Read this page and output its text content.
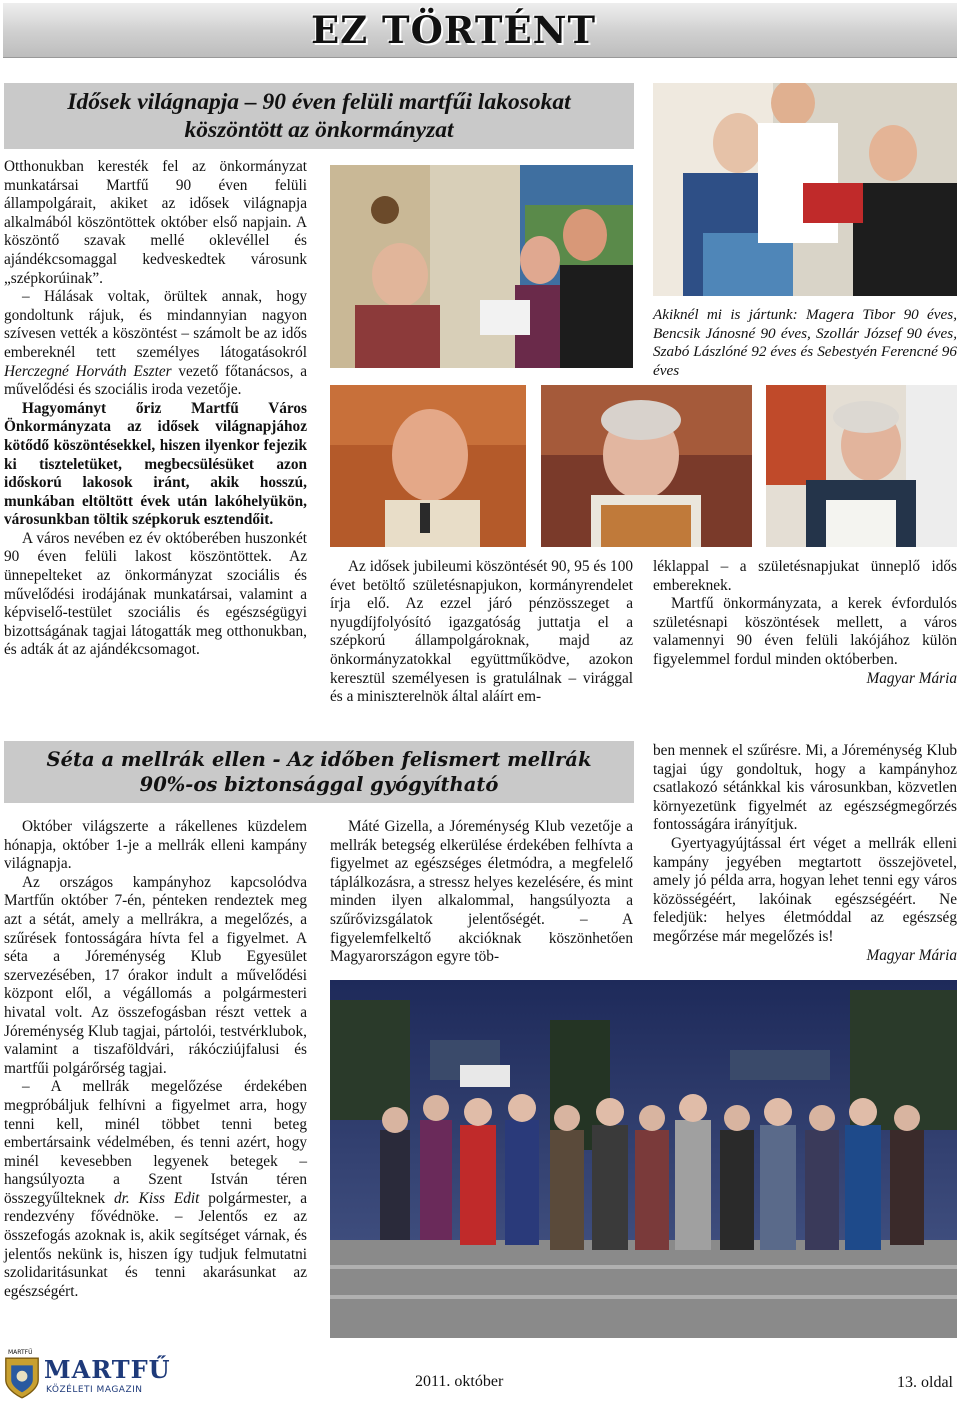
EZ TÖRTÉNT
Idősek világnapja – 90 éven felüli martfűi lakosokat
köszöntött az önkormányzat

Otthonukban keresték fel az önkormányzat munkatársai Martfű 90 éven felüli állampolgárait, akiket az idősek világnapja alkalmából köszöntöttek október első napjain. A köszöntő szavak mellé oklevéllel és ajándékcsomaggal kedveskedtek városunk „szépkorúinak”.

– Hálásak voltak, örültek annak, hogy gondoltunk rájuk, és mindannyian nagyon szívesen vették a köszöntést – számolt be az idős embereknél tett személyes látogatásokról Herczegné Horváth Eszter vezető főtanácsos, a művelődési és szociális iroda vezetője.

Hagyományt őriz Martfű Város Önkormányzata az idősek világnapjához kötődő köszöntésekkel, hiszen ilyenkor fejezik ki tiszteletüket, megbecsülésüket azon időskorú lakosok iránt, akik hosszú, munkában eltöltött évek után lakóhelyükön, városunkban töltik szépkoruk esztendőit.

A város nevében ez év októberében huszonkét 90 éven felüli lakost köszöntöttek. Az ünnepelteket az önkormányzat szociális és művelődési irodájának munkatársai, valamint a képviselő-testület szociális és egészségügyi bizottságának tagjai látogatták meg otthonukban, és adták át az ajándékcsomagot.

Akiknél mi is jártunk: Magera Tibor 90 éves, Bencsik Jánosné 90 éves, Szollár József 90 éves, Szabó Lászlóné 92 éves és Sebestyén Ferencné 96 éves

Az idősek jubileumi köszöntését 90, 95 és 100 évet betöltő születésnapjukon, kormányrendelet írja elő. Az ezzel járó pénzösszeget a nyugdíjfolyósító igazgatóság juttatja el a szépkorú állampolgároknak, majd az önkormányzatokkal együttműködve, azokon keresztül személyesen is gratulálnak – virággal és a miniszterelnök által aláírt em-

léklappal – a születésnapjukat ünneplő idős embereknek.

Martfű önkormányzata, a kerek évfordulós születésnapi köszöntések mellett, a város valamennyi 90 éven felüli lakójához külön figyelemmel fordul minden októberben.

Magyar Mária

Séta a mellrák ellen - Az időben felismert mellrák
90%-os biztonsággal gyógyítható

Október világszerte a rákellenes küzdelem hónapja, október 1-je a mellrák elleni kampány világnapja.

Az országos kampányhoz kapcsolódva Martfűn október 7-én, pénteken rendeztek meg azt a sétát, amely a mellrákra, a megelőzés, a szűrések fontosságára hívta fel a figyelmet. A séta a Jóreménység Klub Egyesület szervezésében, 17 órakor indult a művelődési központ elől, a végállomás a polgármesteri hivatal volt. Az összefogásban részt vettek a Jóreménység Klub tagjai, pártolói, testvérklubok, valamint a tiszaföldvári, rákócziújfalusi és martfűi polgárőrség tagjai.

– A mellrák megelőzése érdekében megpróbáljuk felhívni a figyelmet arra, hogy tenni kell, minél többet tenni beteg embertársaink védelmében, és tenni azért, hogy minél kevesebben legyenek betegek – hangsúlyozta a Szent István téren összegyűlteknek dr. Kiss Edit polgármester, a rendezvény fővédnöke. – Jelentős ez az összefogás azoknak is, akik segítséget várnak, és jelentős nekünk is, hiszen így tudjuk felmutatni szolidaritásunkat és tenni akarásunkat az egészségért.

Máté Gizella, a Jóreménység Klub vezetője a mellrák betegség elkerülése érdekében felhívta a figyelmet az egészséges életmódra, a megfelelő táplálkozásra, a stressz helyes kezelésére, és mint minden ilyen alkalommal, hangsúlyozta a szűrővizsgálatok jelentőségét. – A figyelemfelkeltő akcióknak köszönhetően Magyarországon egyre töb-

ben mennek el szűrésre. Mi, a Jóreménység Klub tagjai úgy gondoltuk, hogy a kampányhoz csatlakozó sétánkkal kis városunkban, közvetlen környezetünk figyelmét az egészségmegőrzés fontosságára irányítjuk.

Gyertyagyújtással ért véget a mellrák elleni kampány jegyében megtartott összejövetel, amely jó példa arra, hogyan lehet tenni egy város közösségéért, lakóinak egészségéért. Ne feledjük: helyes életmóddal az egészség megőrzése már megelőzés is!

Magyar Mária

MARTFŰ
MARTFŰ
KÖZÉLETI MAGAZIN	2011. október	13. oldal
